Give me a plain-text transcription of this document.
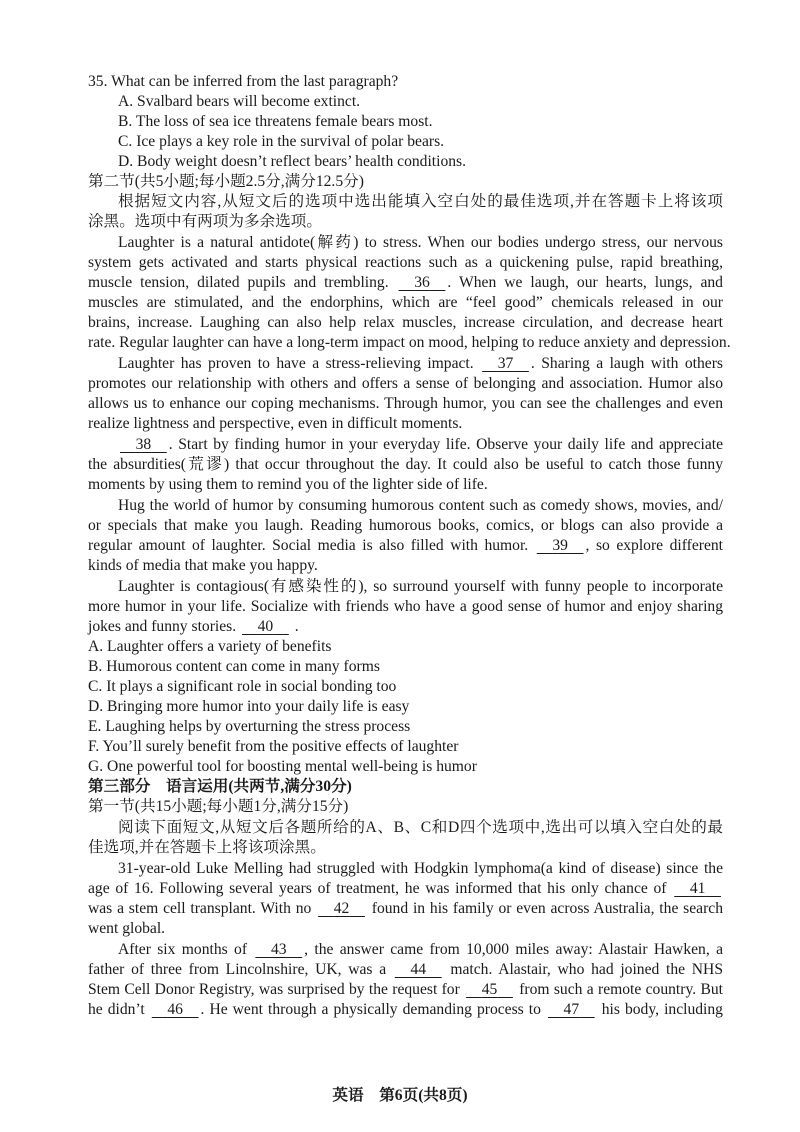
35. What can be inferred from the last paragraph?
A. Svalbard bears will become extinct.
B. The loss of sea ice threatens female bears most.
C. Ice plays a key role in the survival of polar bears.
D. Body weight doesn’t reflect bears’ health conditions.
第二节(共5小题;每小题2.5分,满分12.5分)
根据短文内容,从短文后的选项中选出能填入空白处的最佳选项,并在答题卡上将该项
涂黑。选项中有两项为多余选项。
Laughter is a natural antidote(解药) to stress. When our bodies undergo stress, our nervous
system gets activated and starts physical reactions such as a quickening pulse, rapid breathing,
muscle tension, dilated pupils and trembling. 36 . When we laugh, our hearts, lungs, and
muscles are stimulated, and the endorphins, which are “feel good” chemicals released in our
brains, increase. Laughing can also help relax muscles, increase circulation, and decrease heart
rate. Regular laughter can have a long-term impact on mood, helping to reduce anxiety and depression.
Laughter has proven to have a stress-relieving impact. 37 . Sharing a laugh with others
promotes our relationship with others and offers a sense of belonging and association. Humor also
allows us to enhance our coping mechanisms. Through humor, you can see the challenges and even
realize lightness and perspective, even in difficult moments.
38 . Start by finding humor in your everyday life. Observe your daily life and appreciate
the absurdities(荒谬) that occur throughout the day. It could also be useful to catch those funny
moments by using them to remind you of the lighter side of life.
Hug the world of humor by consuming humorous content such as comedy shows, movies, and/
or specials that make you laugh. Reading humorous books, comics, or blogs can also provide a
regular amount of laughter. Social media is also filled with humor. 39 , so explore different
kinds of media that make you happy.
Laughter is contagious(有感染性的), so surround yourself with funny people to incorporate
more humor in your life. Socialize with friends who have a good sense of humor and enjoy sharing
jokes and funny stories. 40 .
A. Laughter offers a variety of benefits
B. Humorous content can come in many forms
C. It plays a significant role in social bonding too
D. Bringing more humor into your daily life is easy
E. Laughing helps by overturning the stress process
F. You’ll surely benefit from the positive effects of laughter
G. One powerful tool for boosting mental well-being is humor
第三部分　语言运用(共两节,满分30分)
第一节(共15小题;每小题1分,满分15分)
阅读下面短文,从短文后各题所给的A、B、C和D四个选项中,选出可以填入空白处的最
佳选项,并在答题卡上将该项涂黑。
31-year-old Luke Melling had struggled with Hodgkin lymphoma(a kind of disease) since the
age of 16. Following several years of treatment, he was informed that his only chance of 41
was a stem cell transplant. With no 42 found in his family or even across Australia, the search
went global.
After six months of 43 , the answer came from 10,000 miles away: Alastair Hawken, a
father of three from Lincolnshire, UK, was a 44 match. Alastair, who had joined the NHS
Stem Cell Donor Registry, was surprised by the request for 45 from such a remote country. But
he didn’t 46 . He went through a physically demanding process to 47 his body, including
英语　第6页(共8页)
